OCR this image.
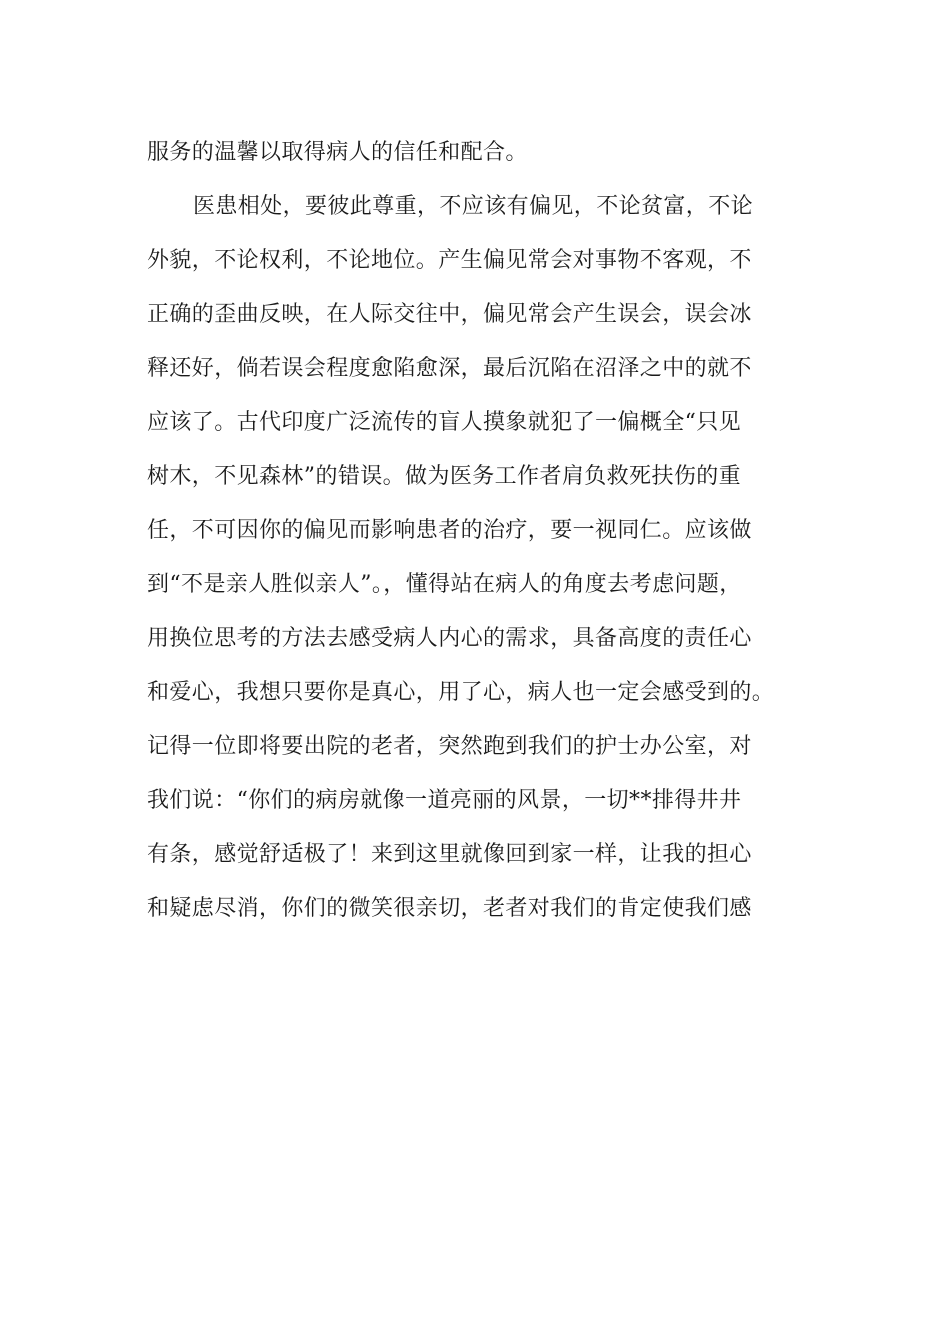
服务的温馨以取得病人的信任和配合。
医患相处，要彼此尊重，不应该有偏见，不论贫富，不论
外貌，不论权利，不论地位。产生偏见常会对事物不客观，不
正确的歪曲反映，在人际交往中，偏见常会产生误会，误会冰
释还好，倘若误会程度愈陷愈深，最后沉陷在沼泽之中的就不
应该了。古代印度广泛流传的盲人摸象就犯了一偏概全“只见
树木，不见森林”的错误。做为医务工作者肩负救死扶伤的重
任，不可因你的偏见而影响患者的治疗，要一视同仁。应该做
到“不是亲人胜似亲人”。，懂得站在病人的角度去考虑问题，
用换位思考的方法去感受病人内心的需求，具备高度的责任心
和爱心，我想只要你是真心，用了心，病人也一定会感受到的。
记得一位即将要出院的老者，突然跑到我们的护士办公室，对
我们说：“你们的病房就像一道亮丽的风景，一切**排得井井
有条，感觉舒适极了！来到这里就像回到家一样，让我的担心
和疑虑尽消，你们的微笑很亲切，老者对我们的肯定使我们感
